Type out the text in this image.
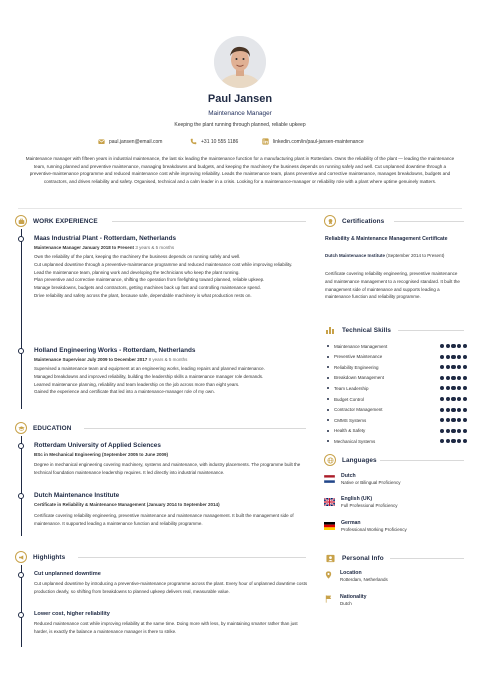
Paul Jansen
Maintenance Manager
Keeping the plant running through planned, reliable upkeep
paul.jansen@email.com	+31 10 555 1186	linkedin.com/in/paul-jansen-maintenance
Maintenance manager with fifteen years in industrial maintenance, the last six leading the maintenance function for a manufacturing plant in Rotterdam. Owns the reliability of the plant — leading the maintenance team, running planned and preventive maintenance, managing breakdowns and budgets, and keeping the machinery the business depends on running safely and well. Cut unplanned downtime through a preventive-maintenance programme and reduced maintenance cost while improving reliability. Leads the maintenance team, plans preventive and corrective maintenance, manages breakdowns, budgets and contractors, and drives reliability and safety. Organised, technical and a calm leader in a crisis. Looking for a maintenance-manager or reliability role with a plant where uptime genuinely matters.
WORK EXPERIENCE
Maas Industrial Plant - Rotterdam, Netherlands
Maintenance Manager January 2018 to Present 3 years & 5 months

Own the reliability of the plant, keeping the machinery the business depends on running safely and well.

Cut unplanned downtime through a preventive-maintenance programme and reduced maintenance cost while improving reliability.

Lead the maintenance team, planning work and developing the technicians who keep the plant running.

Plan preventive and corrective maintenance, shifting the operation from firefighting toward planned, reliable upkeep.

Manage breakdowns, budgets and contractors, getting machines back up fast and controlling maintenance spend.

Drive reliability and safety across the plant, because safe, dependable machinery is what production rests on.

Holland Engineering Works - Rotterdam, Netherlands
Maintenance Supervisor July 2009 to December 2017 8 years & 5 months

Supervised a maintenance team and equipment at an engineering works, leading repairs and planned maintenance.

Managed breakdowns and improved reliability, building the leadership skills a maintenance manager role demands.

Learned maintenance planning, reliability and team leadership on the job across more than eight years.

Gained the experience and certificate that led into a maintenance-manager role of my own.

EDUCATION
Rotterdam University of Applied Sciences
BSc in Mechanical Engineering (September 2005 to June 2009)
Degree in mechanical engineering covering machinery, systems and maintenance, with industry placements. The programme built the technical foundation maintenance leadership requires. It led directly into industrial maintenance.
Dutch Maintenance Institute
Certificate in Reliability & Maintenance Management (January 2014 to September 2014)
Certificate covering reliability engineering, preventive maintenance and maintenance management. It built the management side of maintenance. It supported leading a maintenance function and reliability programme.
Highlights
Cut unplanned downtime
Cut unplanned downtime by introducing a preventive-maintenance programme across the plant. Every hour of unplanned downtime costs production dearly, so shifting from breakdowns to planned upkeep delivers real, measurable value.
Lower cost, higher reliability
Reduced maintenance cost while improving reliability at the same time. Doing more with less, by maintaining smarter rather than just harder, is exactly the balance a maintenance manager is there to strike.
Certifications
Reliability & Maintenance Management Certificate
Dutch Maintenance Institute (September 2014 to Present)
Certificate covering reliability engineering, preventive maintenance and maintenance management to a recognised standard. It built the management side of maintenance and supports leading a maintenance function and reliability programme.
Technical Skills
Maintenance Management
Preventive Maintenance
Reliability Engineering
Breakdown Management
Team Leadership
Budget Control
Contractor Management
CMMS Systems
Health & Safety
Mechanical Systems
Languages
Dutch
Native or Bilingual Proficiency
English (UK)
Full Professional Proficiency
German
Professional Working Proficiency
Personal Info
Location
Rotterdam, Netherlands
Nationality
Dutch
